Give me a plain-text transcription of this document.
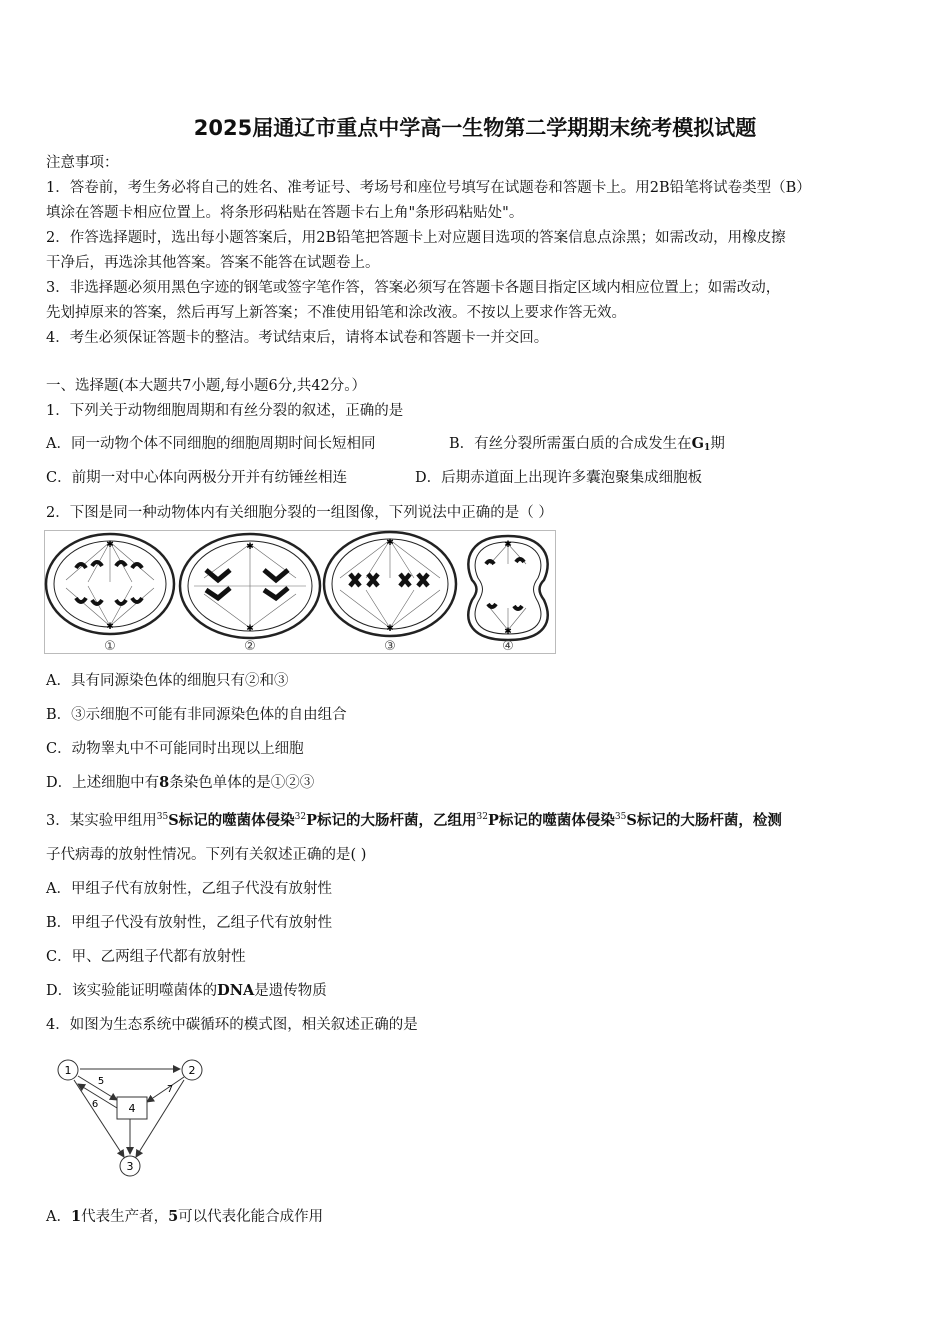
2025届通辽市重点中学高一生物第二学期期末统考模拟试题
注意事项：
1．答卷前，考生务必将自己的姓名、准考证号、考场号和座位号填写在试题卷和答题卡上。用2B铅笔将试卷类型（B）
填涂在答题卡相应位置上。将条形码粘贴在答题卡右上角"条形码粘贴处"。
2．作答选择题时，选出每小题答案后，用2B铅笔把答题卡上对应题目选项的答案信息点涂黑；如需改动，用橡皮擦
干净后，再选涂其他答案。答案不能答在试题卷上。
3．非选择题必须用黑色字迹的钢笔或签字笔作答，答案必须写在答题卡各题目指定区域内相应位置上；如需改动，
先划掉原来的答案，然后再写上新答案；不准使用铅笔和涂改液。不按以上要求作答无效。
4．考生必须保证答题卡的整洁。考试结束后，请将本试卷和答题卡一并交回。
一、选择题(本大题共7小题,每小题6分,共42分。）
1．下列关于动物细胞周期和有丝分裂的叙述，正确的是
A．同一动物个体不同细胞的细胞周期时间长短相同	B．有丝分裂所需蛋白质的合成发生在$G_1$期
C．前期一对中心体向两极分开并有纺锤丝相连	D．后期赤道面上出现许多囊泡聚集成细胞板
2．下图是同一种动物体内有关细胞分裂的一组图像，下列说法中正确的是（ ）
✱
✱
✱
✱
✱
✱
✱
✱
①	②	③	④
A．具有同源染色体的细胞只有②和③
B．③示细胞不可能有非同源染色体的自由组合
C．动物睾丸中不可能同时出现以上细胞
D．上述细胞中有8条染色单体的是①②③
3．某实验甲组用$^{35}$S标记的噬菌体侵染$^{32}$P标记的大肠杆菌，乙组用$^{32}$P标记的噬菌体侵染$^{35}$S标记的大肠杆菌，检测
子代病毒的放射性情况。下列有关叙述正确的是( )
A．甲组子代有放射性，乙组子代没有放射性
B．甲组子代没有放射性，乙组子代有放射性
C．甲、乙两组子代都有放射性
D．该实验能证明噬菌体的DNA是遗传物质
4．如图为生态系统中碳循环的模式图，相关叙述正确的是
1	2
3
4
5
6
7
A．1代表生产者，5可以代表化能合成作用
